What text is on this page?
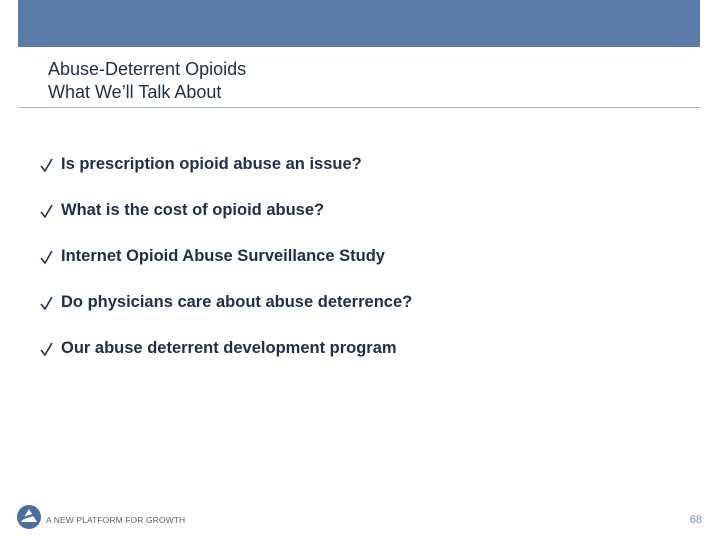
Abuse-Deterrent Opioids
What We’ll Talk About
Is prescription opioid abuse an issue?
What is the cost of opioid abuse?
Internet Opioid Abuse Surveillance Study
Do physicians care about abuse deterrence?
Our abuse deterrent development program
A NEW PLATFORM FOR GROWTH	68
